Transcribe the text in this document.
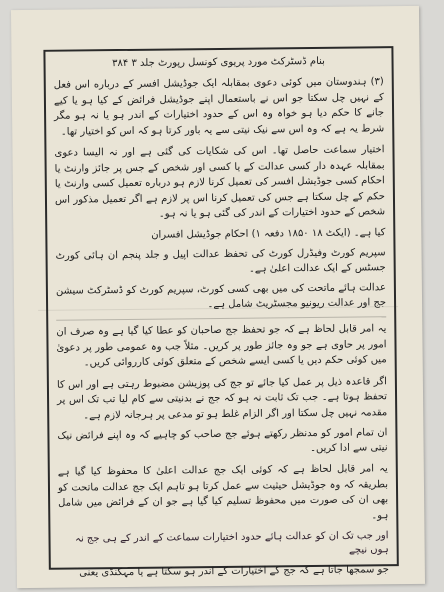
بنام ڈسٹرکٹ مورد پریوی کونسل رپورٹ جلد ۳ ۳۸۴

(۳) ہندوستان میں کوئی دعوی بمقابلہ ایک جوڈیشل افسر کے درباره اس فعل کے نہیں چل سکتا جو اس نے باستعمال اپنے جوڈیشل فرائض کے کیا ہو یا کیے جانے کا حکم دیا ہو خواہ وہ اس کے حدود اختیارات کے اندر ہو یا نہ ہو مگر شرط یہ ہے کہ وہ اس سے نیک نیتی سے یہ باور کرتا ہو کہ اس کو اختیار تھا۔

اختیار سماعت حاصل تھا۔ اس کی شکایات کی گئی ہے اور نہ الیسا دعوی بمقابلہ عہدہ دار کسی عدالت کے یا کسی اور شخص کے جس پر جائز وارنٹ یا احکام کسی جوڈیشل افسر کی تعمیل کرنا لازم ہو درباره تعمیل کسی وارنٹ یا حکم کے چل سکتا ہے جس کی تعمیل کرنا اس پر لازم ہے اگر تعمیل مذکور اس شخص کے حدود اختیارات کے اندر کی گئی ہو یا نہ ہو۔

کیا ہے۔ (ایکٹ ۱۸ ۱۸۵۰ دفعہ ۱) احکام جوڈیشل افسران

سپریم کورٹ وفیڈرل کورٹ کی تحفظ عدالت اپیل و جلد پنجم ان ہائی کورٹ جسٹس کے ایک عدالت اعلیٰ ہے۔

عدالت ہائے ماتحت کی میں بھی کسی کورٹ، سپریم کورٹ کو ڈسٹرکٹ سیشن جج اور عدالت ریونیو مجسٹریٹ شامل ہے۔

یہ امر قابل لحاظ ہے کہ جو تحفظ جج صاحبان کو عطا کیا گیا ہے وہ صرف ان امور پر حاوی ہے جو وہ جائز طور پر کریں۔ مثلاً جب وہ عمومی طور پر دعویٰ میں کوئی حکم دیں یا کسی ایسے شخص کے متعلق کوئی کارروائی کریں۔

اگر قاعدہ ذیل پر عمل کیا جائے تو جج کی پوزیشن مضبوط رہتی ہے اور اس کا تحفظ ہوتا ہے۔ جب تک ثابت نہ ہو کہ جج نے بدنیتی سے کام لیا تب تک اس پر مقدمہ نہیں چل سکتا اور اگر الزام غلط ہو تو مدعی پر ہرجانہ لازم ہے۔

ان تمام امور کو مدنظر رکھتے ہوئے جج صاحب کو چاہیے کہ وہ اپنے فرائض نیک نیتی سے ادا کریں۔

یہ امر قابل لحاظ ہے کہ کوئی ایک جج عدالت اعلیٰ کا محفوظ کیا گیا ہے بطریقہ کہ وہ جوڈیشل حیثیت سے عمل کرتا ہو تاہم ایک جج عدالت ماتحت کو بھی ان کی صورت میں محفوظ تسلیم کیا گیا ہے جو ان کے فرائض میں شامل ہو۔

اور جب تک ان کو عدالت ہائے حدود اختیارات سماعت کے اندر کے ہی جج نہ ہوں نیچے
جو سمجھا جاتا ہے کہ جج کے اختیارات کے اندر ہو سکتا ہے یا مہکنڈی یعنی
